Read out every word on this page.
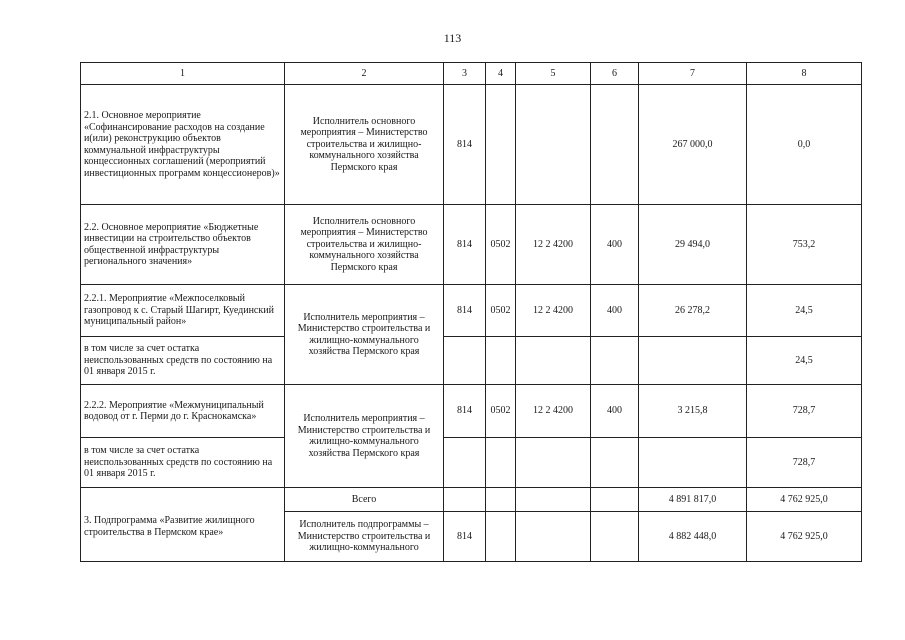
113
1	2	3	4	5	6	7	8
2.1. Основное мероприятие «Софинансирование расходов на создание и(или) реконструкцию объектов коммунальной инфраструктуры концессионных соглашений (мероприятий инвестиционных программ концессионеров)»	Исполнитель основного мероприятия – Министерство строительства и жилищно-коммунального хозяйства Пермского края	814				267 000,0	0,0
2.2. Основное мероприятие «Бюджетные инвестиции на строительство объектов общественной инфраструктуры регионального значения»	Исполнитель основного мероприятия – Министерство строительства и жилищно-коммунального хозяйства Пермского края	814	0502	12 2 4200	400	29 494,0	753,2
2.2.1. Мероприятие «Межпоселковый газопровод к с. Старый Шагирт, Куединский муниципальный район»	Исполнитель мероприятия – Министерство строительства и жилищно-коммунального хозяйства Пермского края	814	0502	12 2 4200	400	26 278,2	24,5
в том числе за счет остатка неиспользованных средств по состоянию на 01 января 2015 г.							24,5
2.2.2. Мероприятие «Межмуниципальный водовод от г. Перми до г. Краснокамска»	Исполнитель мероприятия – Министерство строительства и жилищно-коммунального хозяйства Пермского края	814	0502	12 2 4200	400	3 215,8	728,7
в том числе за счет остатка неиспользованных средств по состоянию на 01 января 2015 г.							728,7
3. Подпрограмма «Развитие жилищного строительства в Пермском крае»	Всего					4 891 817,0	4 762 925,0
	Исполнитель подпрограммы – Министерство строительства и жилищно-коммунального	814				4 882 448,0	4 762 925,0
